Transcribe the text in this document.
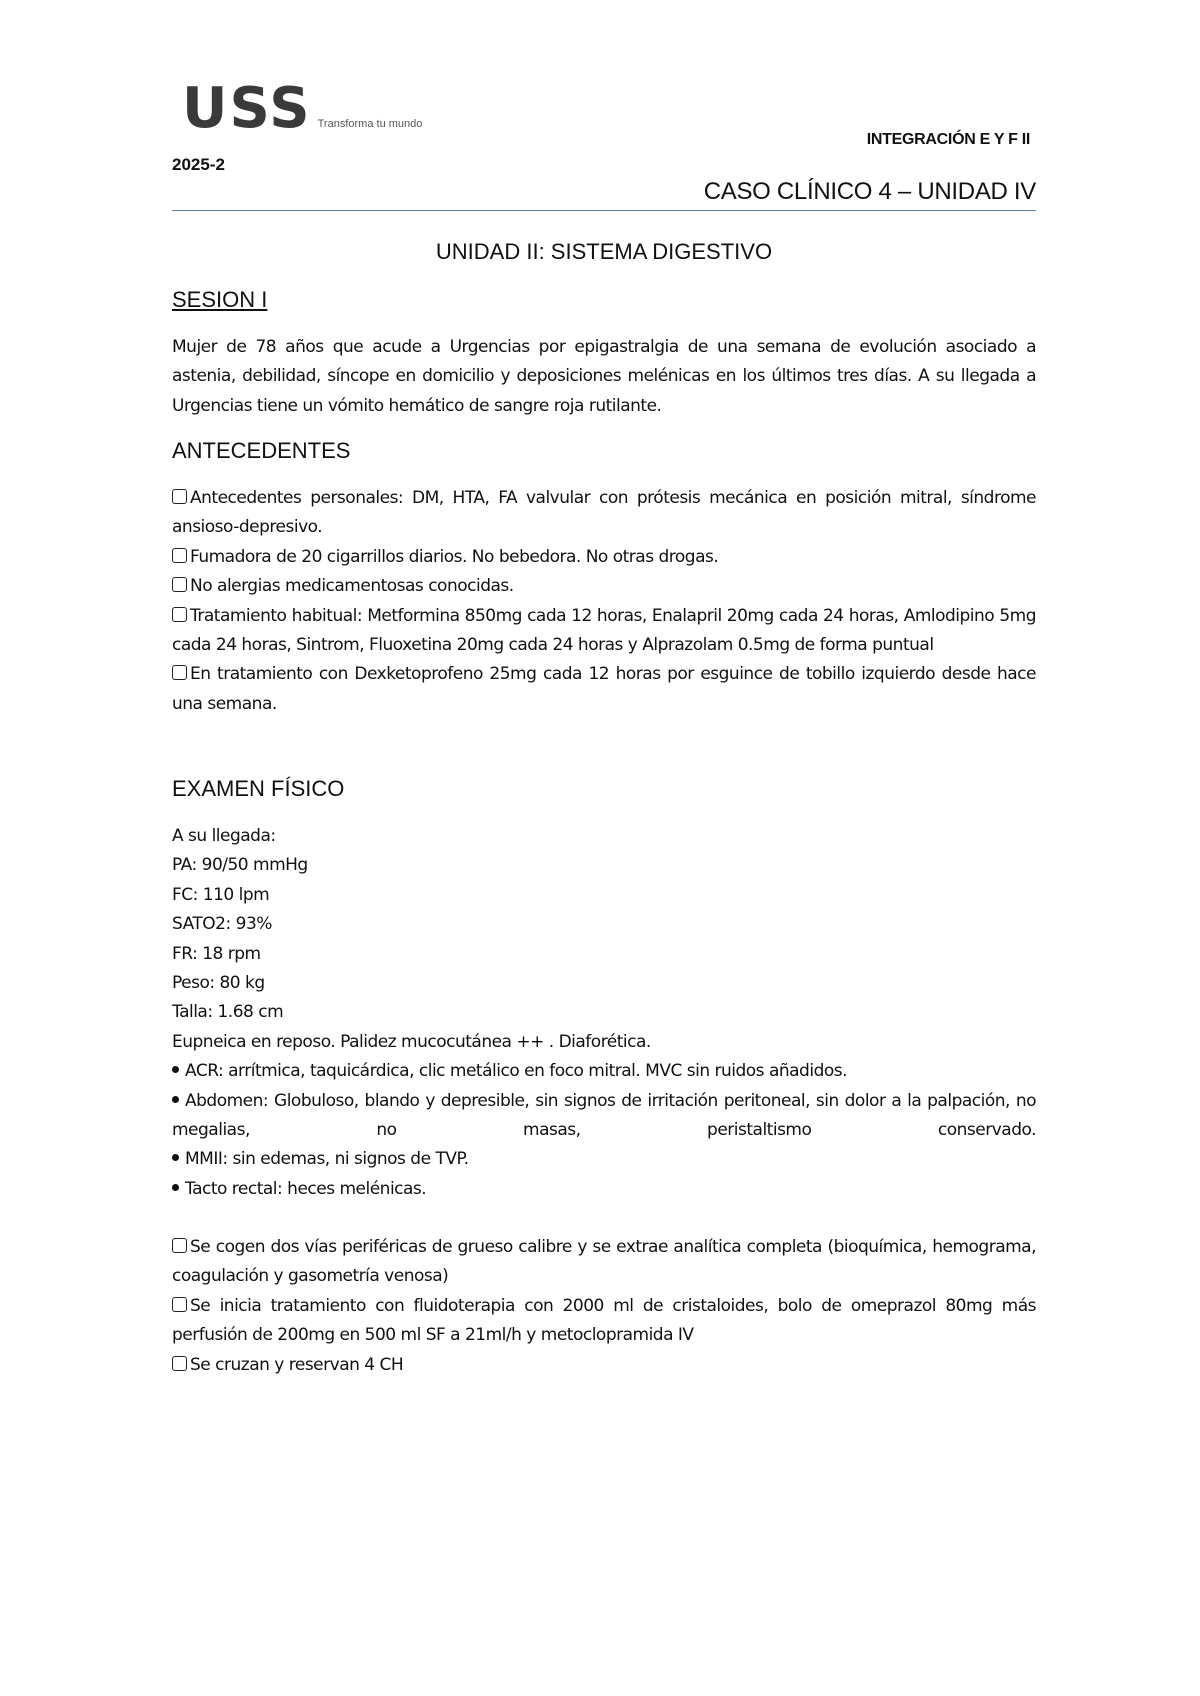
USS Transforma tu mundo
INTEGRACIÓN E Y F II
2025-2
CASO CLÍNICO 4 – UNIDAD IV
UNIDAD II: SISTEMA DIGESTIVO
SESION I
Mujer de 78 años que acude a Urgencias por epigastralgia de una semana de evolución asociado a astenia, debilidad, síncope en domicilio y deposiciones melénicas en los últimos tres días. A su llegada a Urgencias tiene un vómito hemático de sangre roja rutilante.
ANTECEDENTES
Antecedentes personales: DM, HTA, FA valvular con prótesis mecánica en posición mitral, síndrome ansioso-depresivo.
Fumadora de 20 cigarrillos diarios. No bebedora. No otras drogas.
No alergias medicamentosas conocidas.
Tratamiento habitual: Metformina 850mg cada 12 horas, Enalapril 20mg cada 24 horas, Amlodipino 5mg cada 24 horas, Sintrom, Fluoxetina 20mg cada 24 horas y Alprazolam 0.5mg de forma puntual
En tratamiento con Dexketoprofeno 25mg cada 12 horas por esguince de tobillo izquierdo desde hace una semana.
EXAMEN FÍSICO
A su llegada:
PA: 90/50 mmHg
FC: 110 lpm
SATO2: 93%
FR: 18 rpm
Peso: 80 kg
Talla: 1.68 cm
Eupneica en reposo. Palidez mucocutánea ++ . Diaforética.
ACR: arrítmica, taquicárdica, clic metálico en foco mitral. MVC sin ruidos añadidos.
Abdomen: Globuloso, blando y depresible, sin signos de irritación peritoneal, sin dolor a la palpación, no megalias, no masas, peristaltismo conservado.
MMII: sin edemas, ni signos de TVP.
Tacto rectal: heces melénicas.
Se cogen dos vías periféricas de grueso calibre y se extrae analítica completa (bioquímica, hemograma, coagulación y gasometría venosa)
Se inicia tratamiento con fluidoterapia con 2000 ml de cristaloides, bolo de omeprazol 80mg más perfusión de 200mg en 500 ml SF a 21ml/h y metoclopramida IV
Se cruzan y reservan 4 CH
